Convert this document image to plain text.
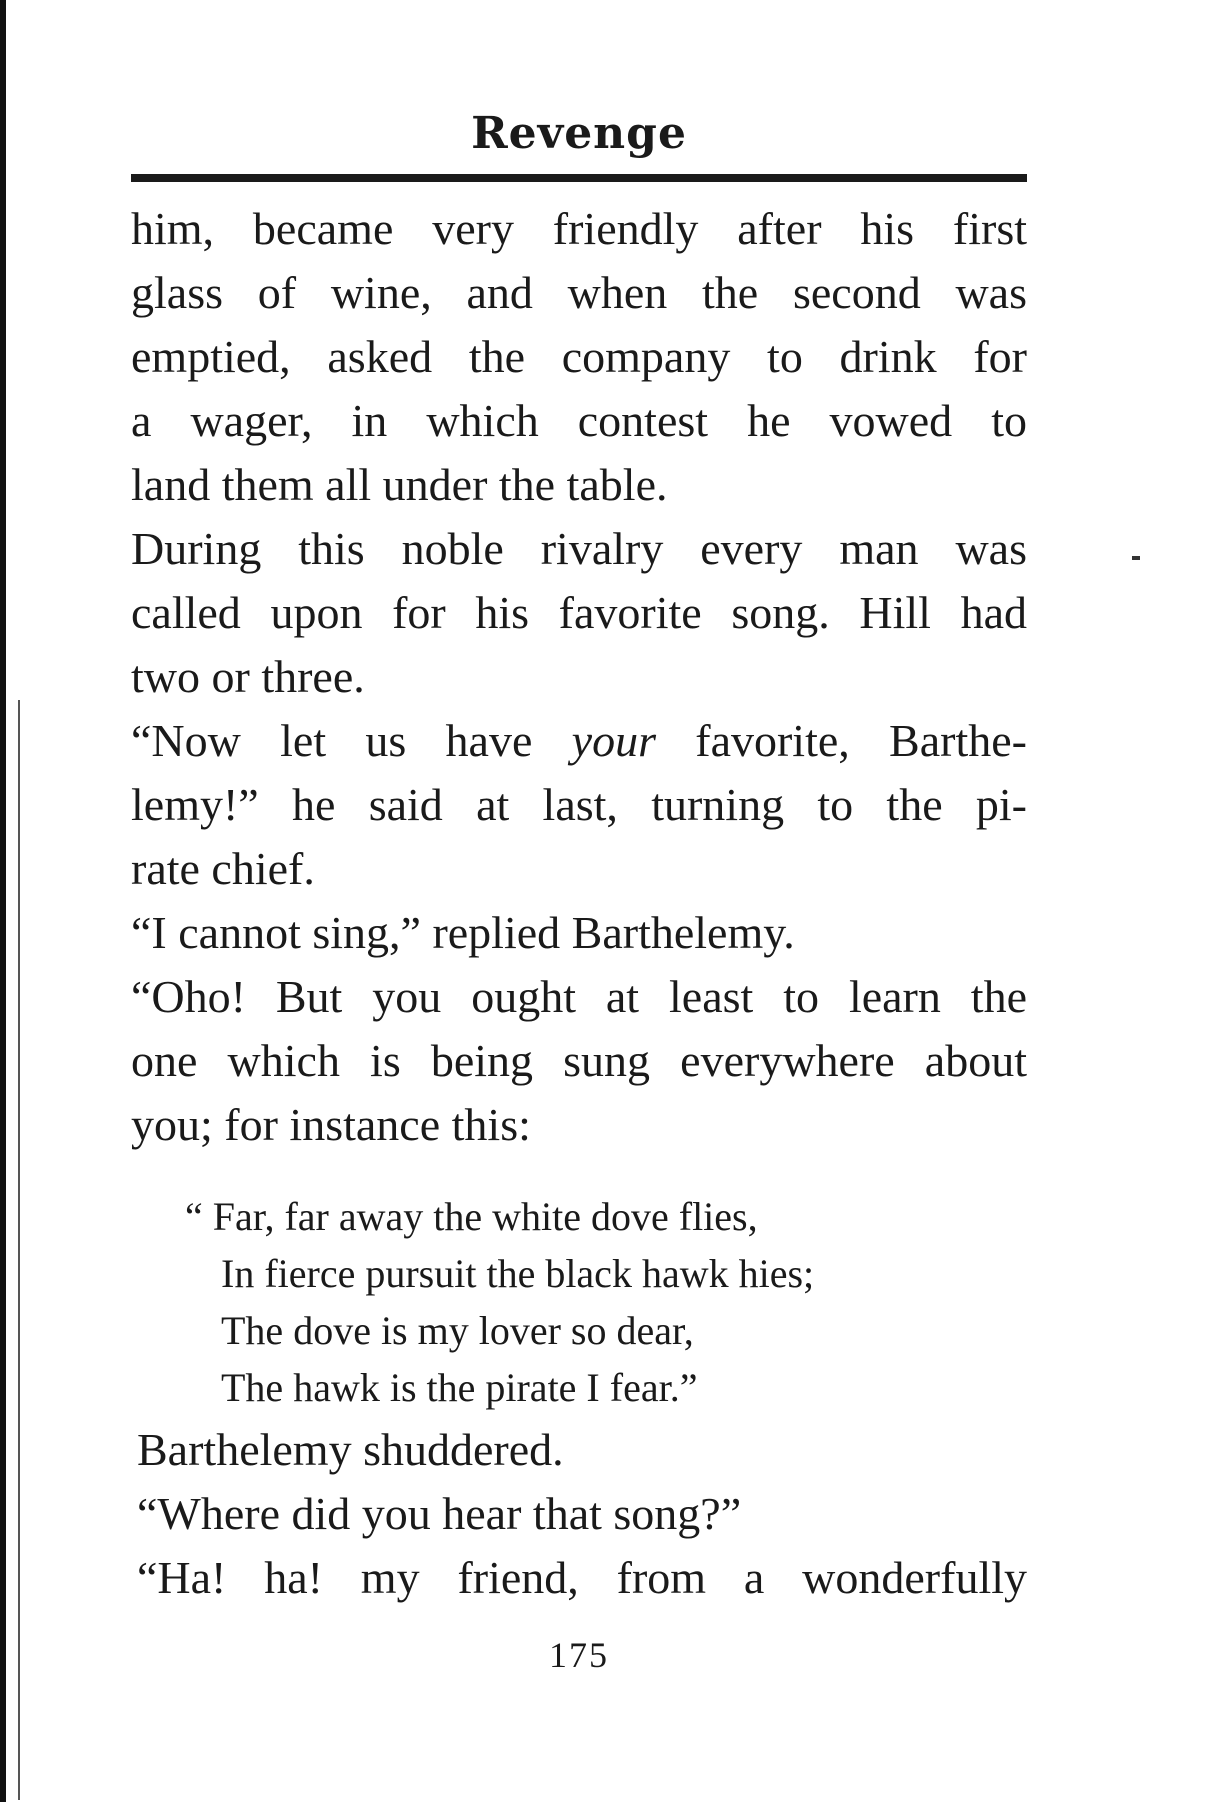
Revenge
him, became very friendly after his first
glass of wine, and when the second was
emptied, asked the company to drink for
a wager, in which contest he vowed to
land them all under the table.
During this noble rivalry every man was
called upon for his favorite song. Hill had
two or three.
“Now let us have your favorite, Barthe-
lemy!” he said at last, turning to the pi-
rate chief.
“I cannot sing,” replied Barthelemy.
“Oho! But you ought at least to learn the
one which is being sung everywhere about
you; for instance this:
“ Far, far away the white dove flies,
In fierce pursuit the black hawk hies;
The dove is my lover so dear,
The hawk is the pirate I fear.”
Barthelemy shuddered.
“Where did you hear that song?”
“Ha! ha! my friend, from a wonderfully
175
